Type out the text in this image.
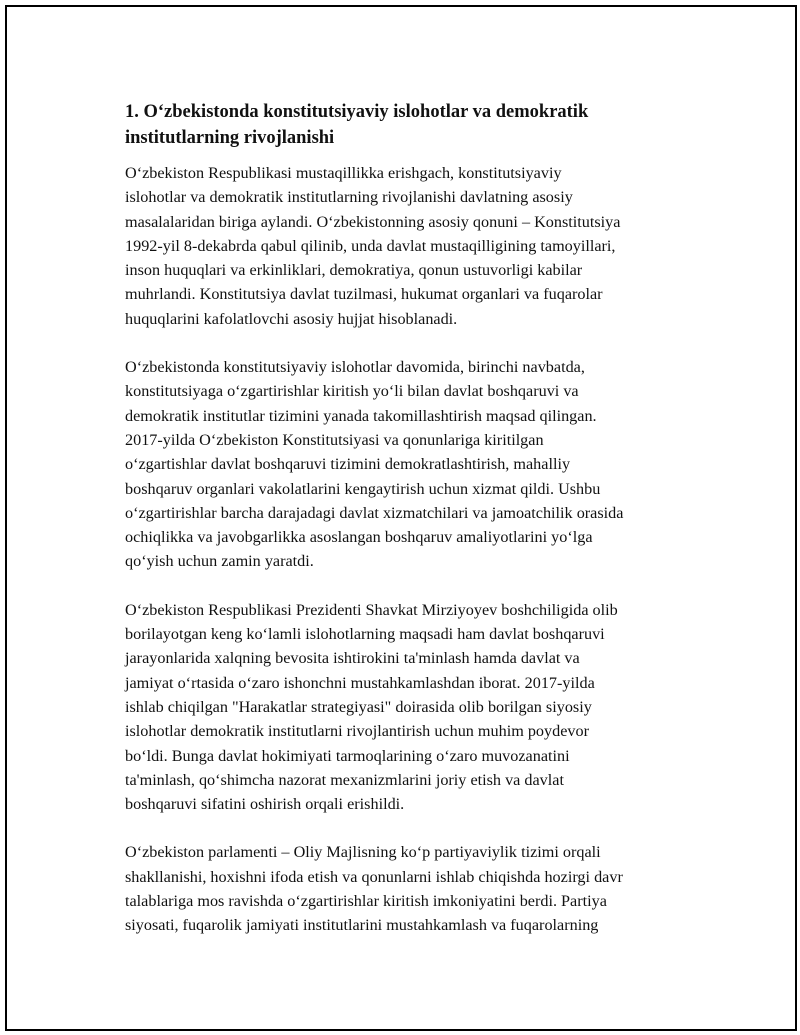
1. O‘zbekistonda konstitutsiyaviy islohotlar va demokratik
institutlarning rivojlanishi

O‘zbekiston Respublikasi mustaqillikka erishgach, konstitutsiyaviy
islohotlar va demokratik institutlarning rivojlanishi davlatning asosiy
masalalaridan biriga aylandi. O‘zbekistonning asosiy qonuni – Konstitutsiya
1992-yil 8-dekabrda qabul qilinib, unda davlat mustaqilligining tamoyillari,
inson huquqlari va erkinliklari, demokratiya, qonun ustuvorligi kabilar
muhrlandi. Konstitutsiya davlat tuzilmasi, hukumat organlari va fuqarolar
huquqlarini kafolatlovchi asosiy hujjat hisoblanadi.

O‘zbekistonda konstitutsiyaviy islohotlar davomida, birinchi navbatda,
konstitutsiyaga o‘zgartirishlar kiritish yo‘li bilan davlat boshqaruvi va
demokratik institutlar tizimini yanada takomillashtirish maqsad qilingan.
2017-yilda O‘zbekiston Konstitutsiyasi va qonunlariga kiritilgan
o‘zgartishlar davlat boshqaruvi tizimini demokratlashtirish, mahalliy
boshqaruv organlari vakolatlarini kengaytirish uchun xizmat qildi. Ushbu
o‘zgartirishlar barcha darajadagi davlat xizmatchilari va jamoatchilik orasida
ochiqlikka va javobgarlikka asoslangan boshqaruv amaliyotlarini yo‘lga
qo‘yish uchun zamin yaratdi.

O‘zbekiston Respublikasi Prezidenti Shavkat Mirziyoyev boshchiligida olib
borilayotgan keng ko‘lamli islohotlarning maqsadi ham davlat boshqaruvi
jarayonlarida xalqning bevosita ishtirokini ta'minlash hamda davlat va
jamiyat o‘rtasida o‘zaro ishonchni mustahkamlashdan iborat. 2017-yilda
ishlab chiqilgan "Harakatlar strategiyasi" doirasida olib borilgan siyosiy
islohotlar demokratik institutlarni rivojlantirish uchun muhim poydevor
bo‘ldi. Bunga davlat hokimiyati tarmoqlarining o‘zaro muvozanatini
ta'minlash, qo‘shimcha nazorat mexanizmlarini joriy etish va davlat
boshqaruvi sifatini oshirish orqali erishildi.

O‘zbekiston parlamenti – Oliy Majlisning ko‘p partiyaviylik tizimi orqali
shakllanishi, hoxishni ifoda etish va qonunlarni ishlab chiqishda hozirgi davr
talablariga mos ravishda o‘zgartirishlar kiritish imkoniyatini berdi. Partiya
siyosati, fuqarolik jamiyati institutlarini mustahkamlash va fuqarolarning
